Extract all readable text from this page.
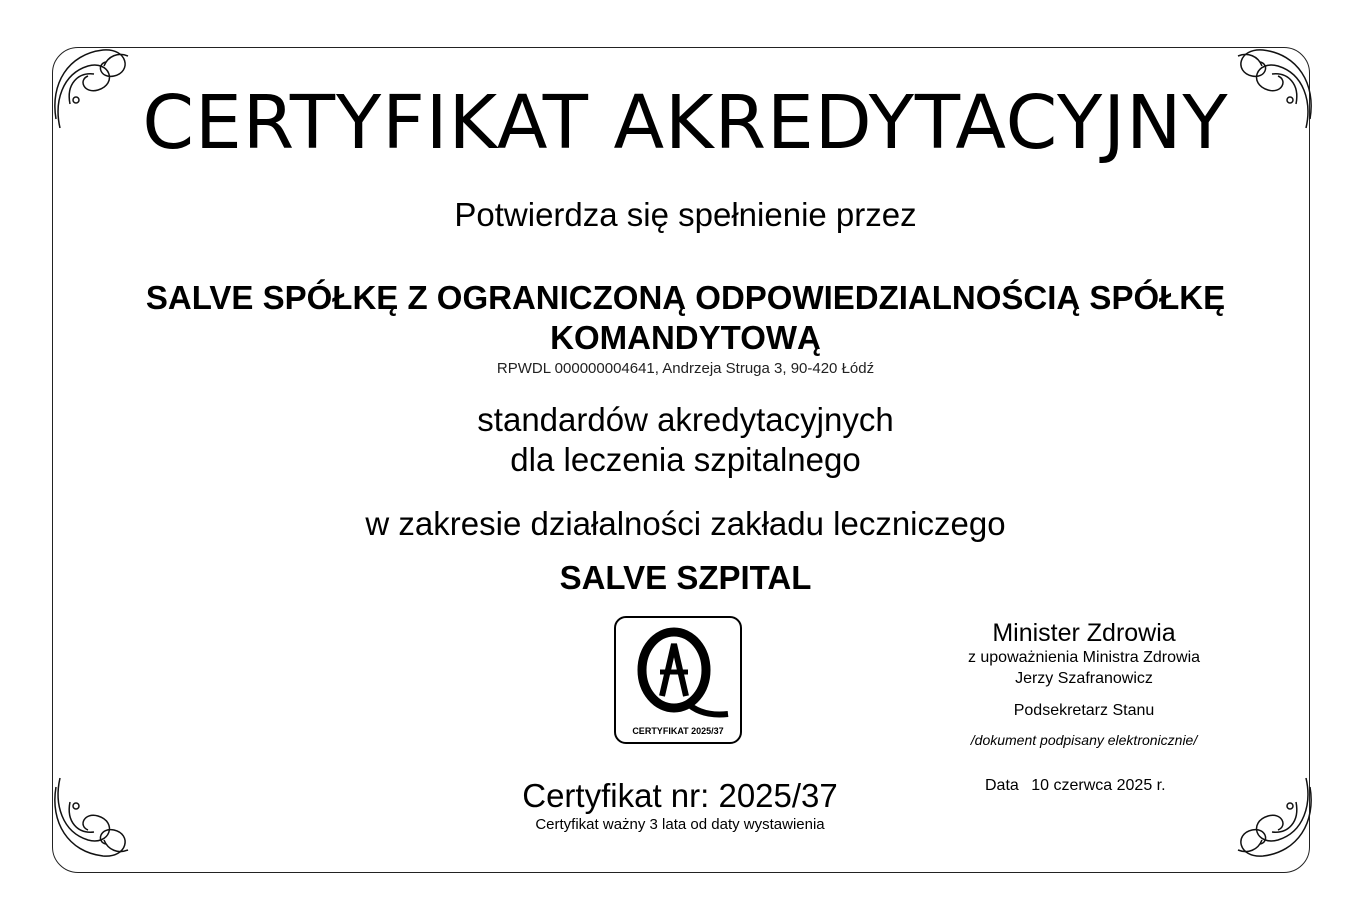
CERTYFIKAT AKREDYTACYJNY
Potwierdza się spełnienie przez
SALVE SPÓŁKĘ Z OGRANICZONĄ ODPOWIEDZIALNOŚCIĄ SPÓŁKĘ
KOMANDYTOWĄ
RPWDL 000000004641, Andrzeja Struga 3, 90-420 Łódź
standardów akredytacyjnych
dla leczenia szpitalnego
w zakresie działalności zakładu leczniczego
SALVE SZPITAL
CERTYFIKAT 2025/37
Certyfikat nr: 2025/37
Certyfikat ważny 3 lata od daty wystawienia
Minister Zdrowia
z upoważnienia Ministra Zdrowia
Jerzy Szafranowicz
Podsekretarz Stanu
/dokument podpisany elektronicznie/
Data 10 czerwca 2025 r.
